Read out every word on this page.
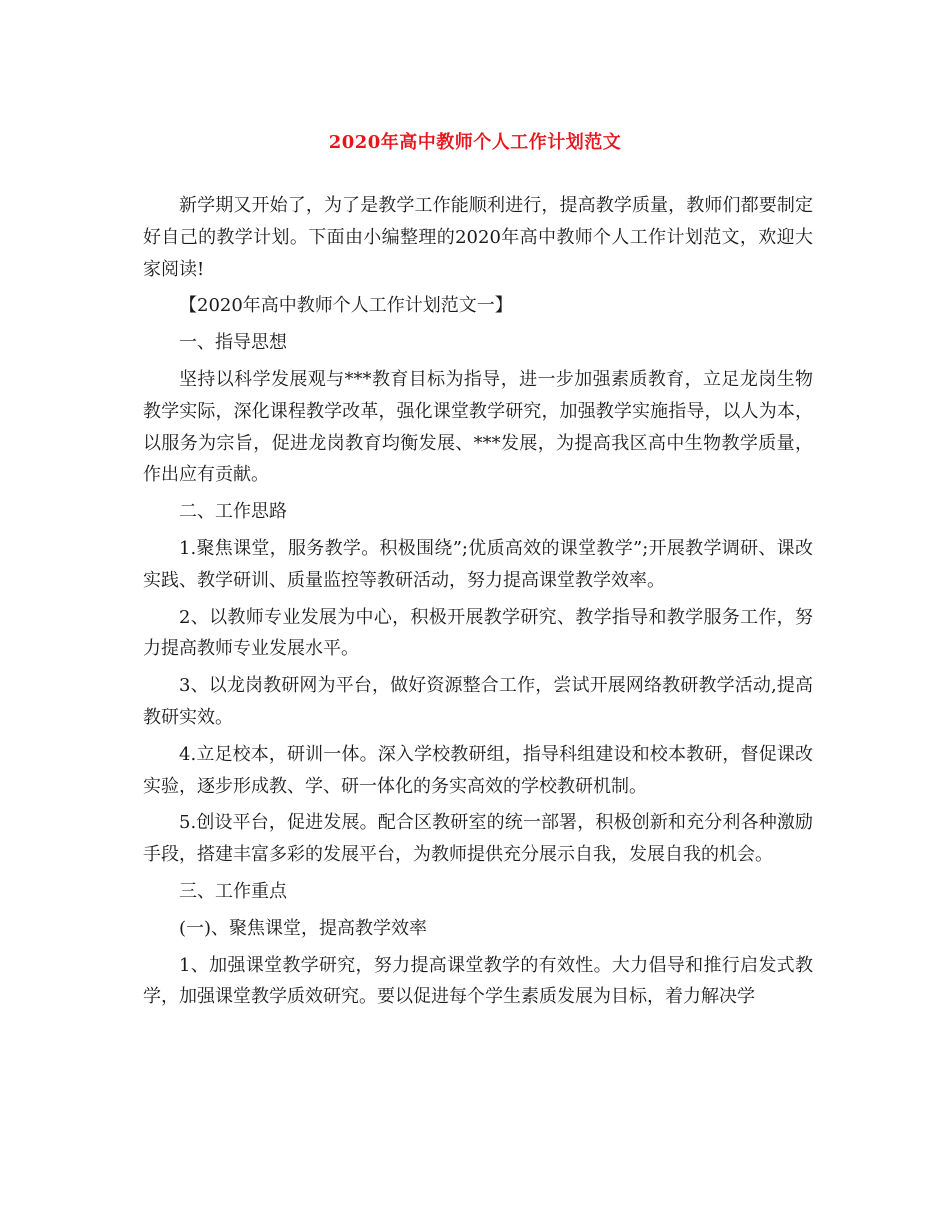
2020年高中教师个人工作计划范文

新学期又开始了，为了是教学工作能顺利进行，提高教学质量，教师们都要制定好自己的教学计划。下面由小编整理的2020年高中教师个人工作计划范文，欢迎大家阅读!

【2020年高中教师个人工作计划范文一】

一、指导思想

坚持以科学发展观与***教育目标为指导，进一步加强素质教育，立足龙岗生物教学实际，深化课程教学改革，强化课堂教学研究，加强教学实施指导，以人为本，以服务为宗旨，促进龙岗教育均衡发展、***发展，为提高我区高中生物教学质量，作出应有贡献。

二、工作思路

1.聚焦课堂，服务教学。积极围绕”;优质高效的课堂教学”;开展教学调研、课改实践、教学研训、质量监控等教研活动，努力提高课堂教学效率。

2、以教师专业发展为中心，积极开展教学研究、教学指导和教学服务工作，努力提高教师专业发展水平。

3、以龙岗教研网为平台，做好资源整合工作，尝试开展网络教研教学活动,提高教研实效。

4.立足校本，研训一体。深入学校教研组，指导科组建设和校本教研，督促课改实验，逐步形成教、学、研一体化的务实高效的学校教研机制。

5.创设平台，促进发展。配合区教研室的统一部署，积极创新和充分利各种激励手段，搭建丰富多彩的发展平台，为教师提供充分展示自我，发展自我的机会。

三、工作重点

(一)、聚焦课堂，提高教学效率

1、加强课堂教学研究，努力提高课堂教学的有效性。大力倡导和推行启发式教学，加强课堂教学质效研究。要以促进每个学生素质发展为目标，着力解决学
